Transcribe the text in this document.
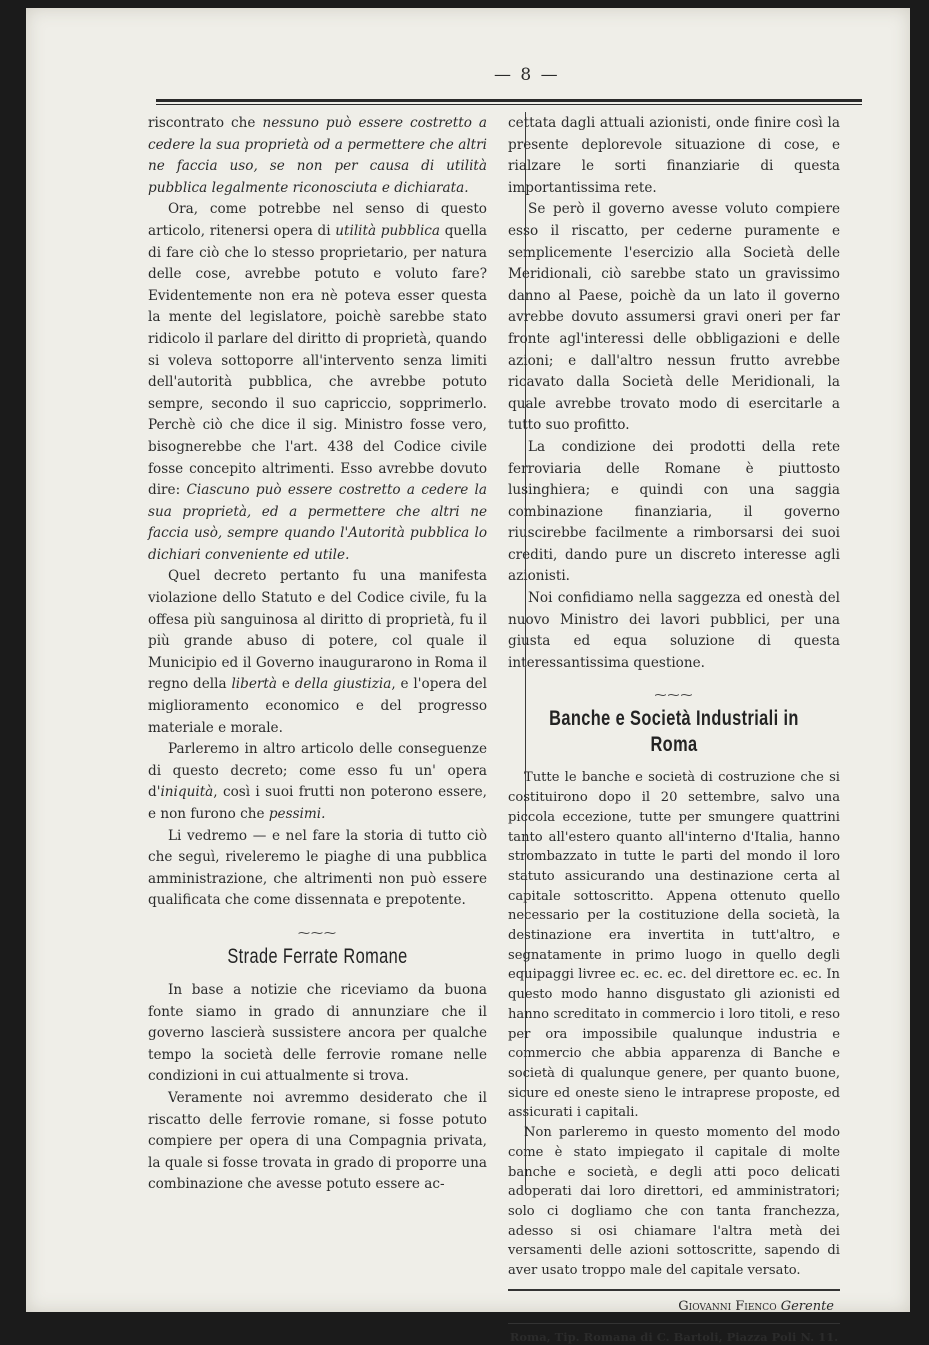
— 8 —

riscontrato che nessuno può essere costretto a cedere la sua proprietà od a permettere che altri ne faccia uso, se non per causa di utilità pubblica legalmente riconosciuta e dichiarata.

Ora, come potrebbe nel senso di questo articolo, ritenersi opera di utilità pubblica quella di fare ciò che lo stesso proprietario, per natura delle cose, avrebbe potuto e voluto fare? Evidentemente non era nè poteva esser questa la mente del legislatore, poichè sarebbe stato ridicolo il parlare del diritto di proprietà, quando si voleva sottoporre all'intervento senza limiti dell'autorità pubblica, che avrebbe potuto sempre, secondo il suo capriccio, sopprimerlo. Perchè ciò che dice il sig. Ministro fosse vero, bisognerebbe che l'art. 438 del Codice civile fosse concepito altrimenti. Esso avrebbe dovuto dire: Ciascuno può essere costretto a cedere la sua proprietà, ed a permettere che altri ne faccia usò, sempre quando l'Autorità pubblica lo dichiari conveniente ed utile.

Quel decreto pertanto fu una manifesta violazione dello Statuto e del Codice civile, fu la offesa più sanguinosa al diritto di proprietà, fu il più grande abuso di potere, col quale il Municipio ed il Governo inaugurarono in Roma il regno della libertà e della giustizia, e l'opera del miglioramento economico e del progresso materiale e morale.

Parleremo in altro articolo delle conseguenze di questo decreto; come esso fu un' opera d'iniquità, così i suoi frutti non poterono essere, e non furono che pessimi.

Li vedremo — e nel fare la storia di tutto ciò che seguì, riveleremo le piaghe di una pubblica amministrazione, che altrimenti non può essere qualificata che come dissennata e prepotente.

⁓⁓⁓
Strade Ferrate Romane

In base a notizie che riceviamo da buona fonte siamo in grado di annunziare che il governo lascierà sussistere ancora per qualche tempo la società delle ferrovie romane nelle condizioni in cui attualmente si trova.

Veramente noi avremmo desiderato che il riscatto delle ferrovie romane, si fosse potuto compiere per opera di una Compagnia privata, la quale si fosse trovata in grado di proporre una combinazione che avesse potuto essere ac-

cettata dagli attuali azionisti, onde finire così la presente deplorevole situazione di cose, e rialzare le sorti finanziarie di questa importantissima rete.

Se però il governo avesse voluto compiere esso il riscatto, per cederne puramente e semplicemente l'esercizio alla Società delle Meridionali, ciò sarebbe stato un gravissimo danno al Paese, poichè da un lato il governo avrebbe dovuto assumersi gravi oneri per far fronte agl'interessi delle obbligazioni e delle azioni; e dall'altro nessun frutto avrebbe ricavato dalla Società delle Meridionali, la quale avrebbe trovato modo di esercitarle a tutto suo profitto.

La condizione dei prodotti della rete ferroviaria delle Romane è piuttosto lusinghiera; e quindi con una saggia combinazione finanziaria, il governo riuscirebbe facilmente a rimborsarsi dei suoi crediti, dando pure un discreto interesse agli azionisti.

Noi confidiamo nella saggezza ed onestà del nuovo Ministro dei lavori pubblici, per una giusta ed equa soluzione di questa interessantissima questione.

⁓⁓⁓
Banche e Società Industriali in Roma

Tutte le banche e società di costruzione che si costituirono dopo il 20 settembre, salvo una piccola eccezione, tutte per smungere quattrini tanto all'estero quanto all'interno d'Italia, hanno strombazzato in tutte le parti del mondo il loro statuto assicurando una destinazione certa al capitale sottoscritto. Appena ottenuto quello necessario per la costituzione della società, la destinazione era invertita in tutt'altro, e segnatamente in primo luogo in quello degli equipaggi livree ec. ec. ec. del direttore ec. ec. In questo modo hanno disgustato gli azionisti ed hanno screditato in commercio i loro titoli, e reso per ora impossibile qualunque industria e commercio che abbia apparenza di Banche e società di qualunque genere, per quanto buone, sicure ed oneste sieno le intraprese proposte, ed assicurati i capitali.

Non parleremo in questo momento del modo come è stato impiegato il capitale di molte banche e società, e degli atti poco delicati adoperati dai loro direttori, ed amministratori; solo ci dogliamo che con tanta franchezza, adesso si osi chiamare l'altra metà dei versamenti delle azioni sottoscritte, sapendo di aver usato troppo male del capitale versato.

Giovanni Fienco Gerente
Roma, Tip. Romana di C. Bartoli, Piazza Poli N. 11.
